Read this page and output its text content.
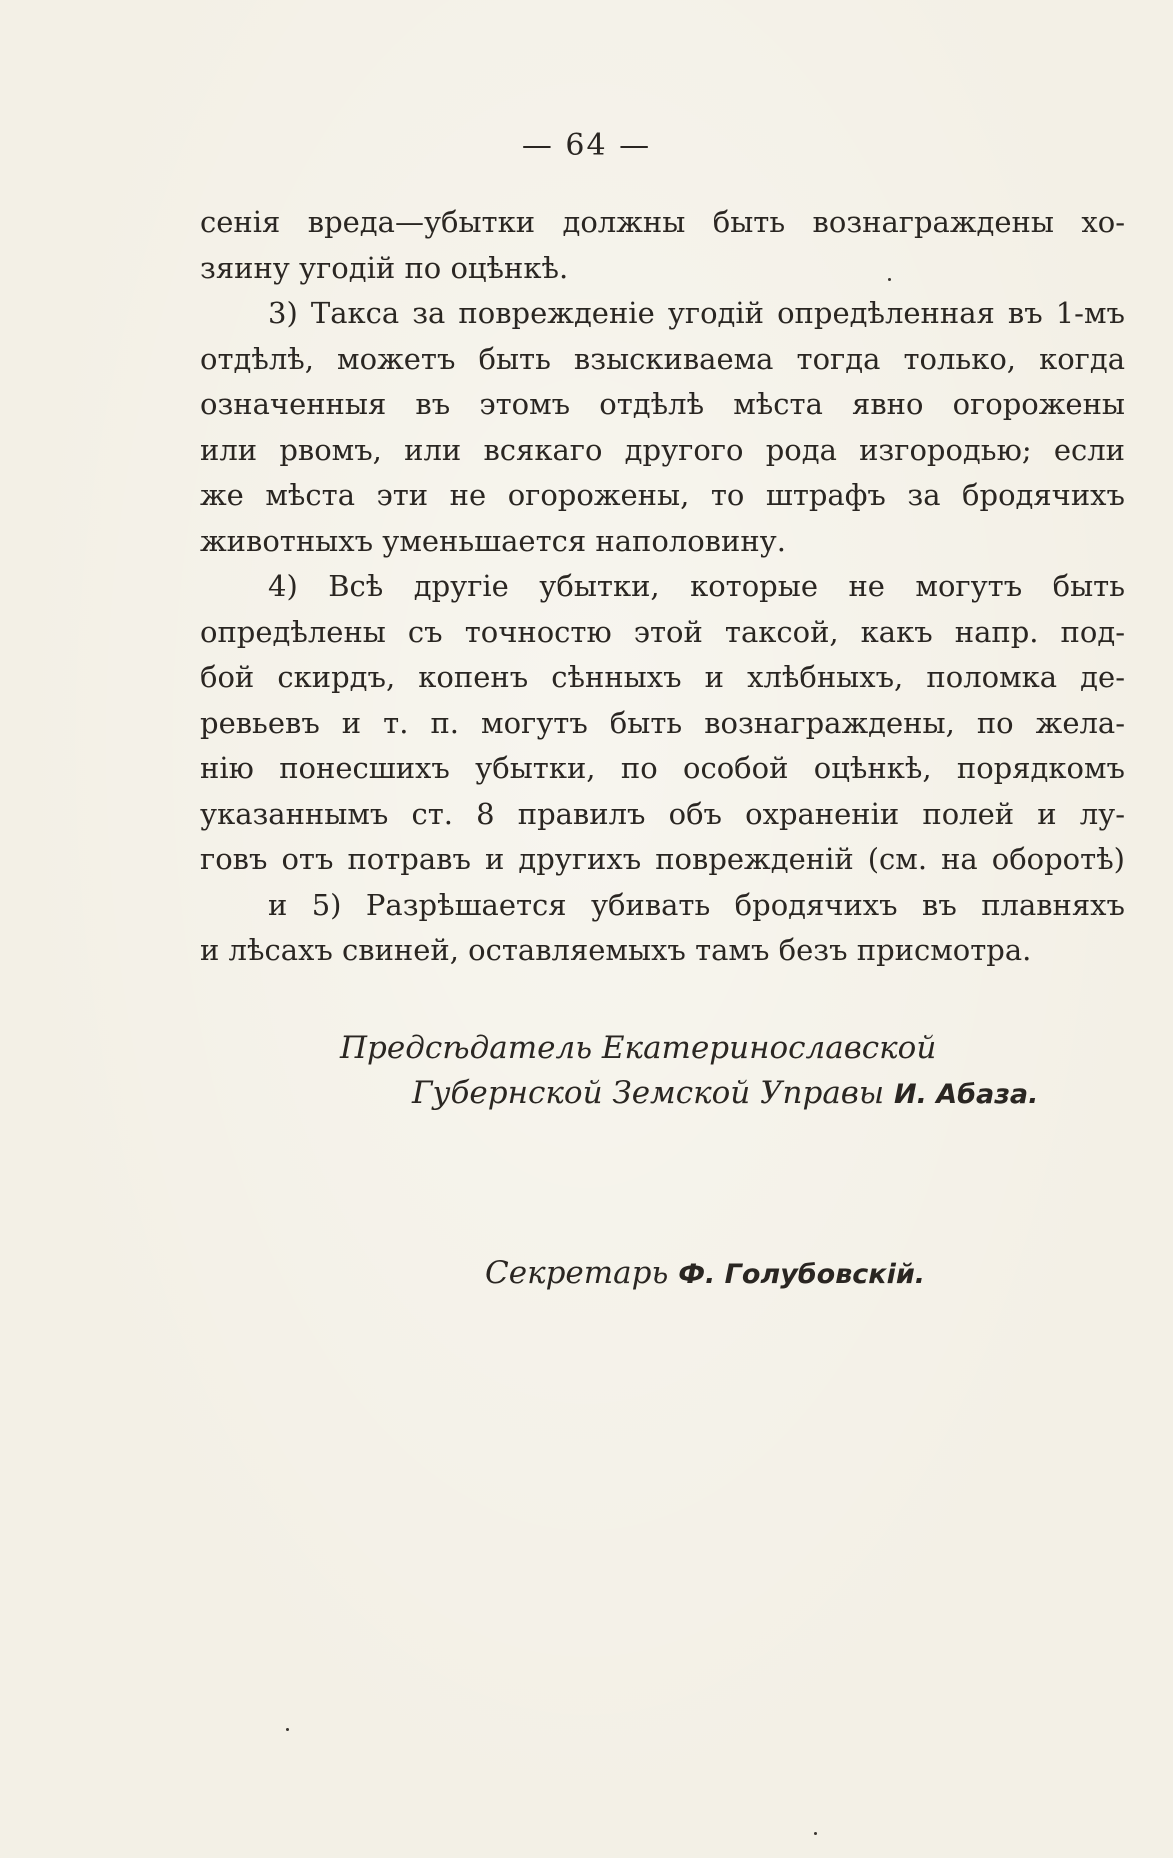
— 64 —
сенія вреда—убытки должны быть вознаграждены хо-
зяину угодій по оцѣнкѣ.
3) Такса за поврежденіе угодій опредѣленная въ 1-мъ
отдѣлѣ, можетъ быть взыскиваема тогда только, когда
означенныя въ этомъ отдѣлѣ мѣста явно огорожены
или рвомъ, или всякаго другого рода изгородью; если
же мѣста эти не огорожены, то штрафъ за бродячихъ
животныхъ уменьшается наполовину.
4) Всѣ другіе убытки, которые не могутъ быть
опредѣлены съ точностю этой таксой, какъ напр. под-
бой скирдъ, копенъ сѣнныхъ и хлѣбныхъ, поломка де-
ревьевъ и т. п. могутъ быть вознаграждены, по жела-
нію понесшихъ убытки, по особой оцѣнкѣ, порядкомъ
указаннымъ ст. 8 правилъ объ охраненіи полей и лу-
говъ отъ потравъ и другихъ поврежденій (см. на оборотѣ)
и 5) Разрѣшается убивать бродячихъ въ плавняхъ
и лѣсахъ свиней, оставляемыхъ тамъ безъ присмотра.
Предсѣдатель Екатеринославской
Губернской Земской Управы И. Абаза.
Секретарь Ф. Голубовскій.
